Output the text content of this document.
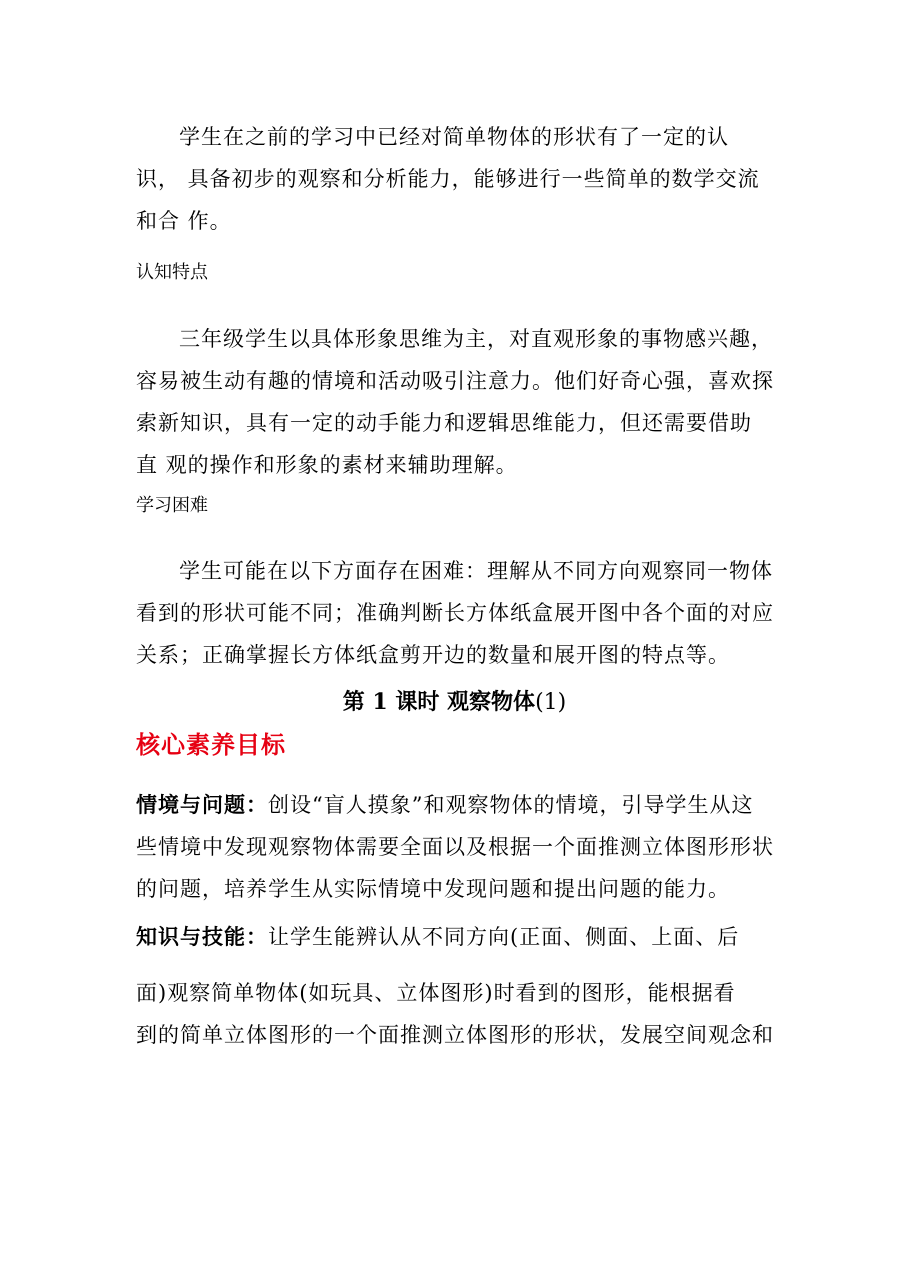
学生在之前的学习中已经对简单物体的形状有了一定的认
识， 具备初步的观察和分析能力，能够进行一些简单的数学交流
和合 作。

认知特点

三年级学生以具体形象思维为主，对直观形象的事物感兴趣，
容易被生动有趣的情境和活动吸引注意力。他们好奇心强，喜欢探
索新知识，具有一定的动手能力和逻辑思维能力，但还需要借助
直 观的操作和形象的素材来辅助理解。

学习困难

学生可能在以下方面存在困难：理解从不同方向观察同一物体
看到的形状可能不同；准确判断长方体纸盒展开图中各个面的对应
关系；正确掌握长方体纸盒剪开边的数量和展开图的特点等。

第 1 课时 观察物体(1)
核心素养目标

情境与问题：创设“盲人摸象”和观察物体的情境，引导学生从这
些情境中发现观察物体需要全面以及根据一个面推测立体图形形状
的问题，培养学生从实际情境中发现问题和提出问题的能力。

知识与技能：让学生能辨认从不同方向(正面、侧面、上面、后
面)观察简单物体(如玩具、立体图形)时看到的图形，能根据看
到的简单立体图形的一个面推测立体图形的形状，发展空间观念和
